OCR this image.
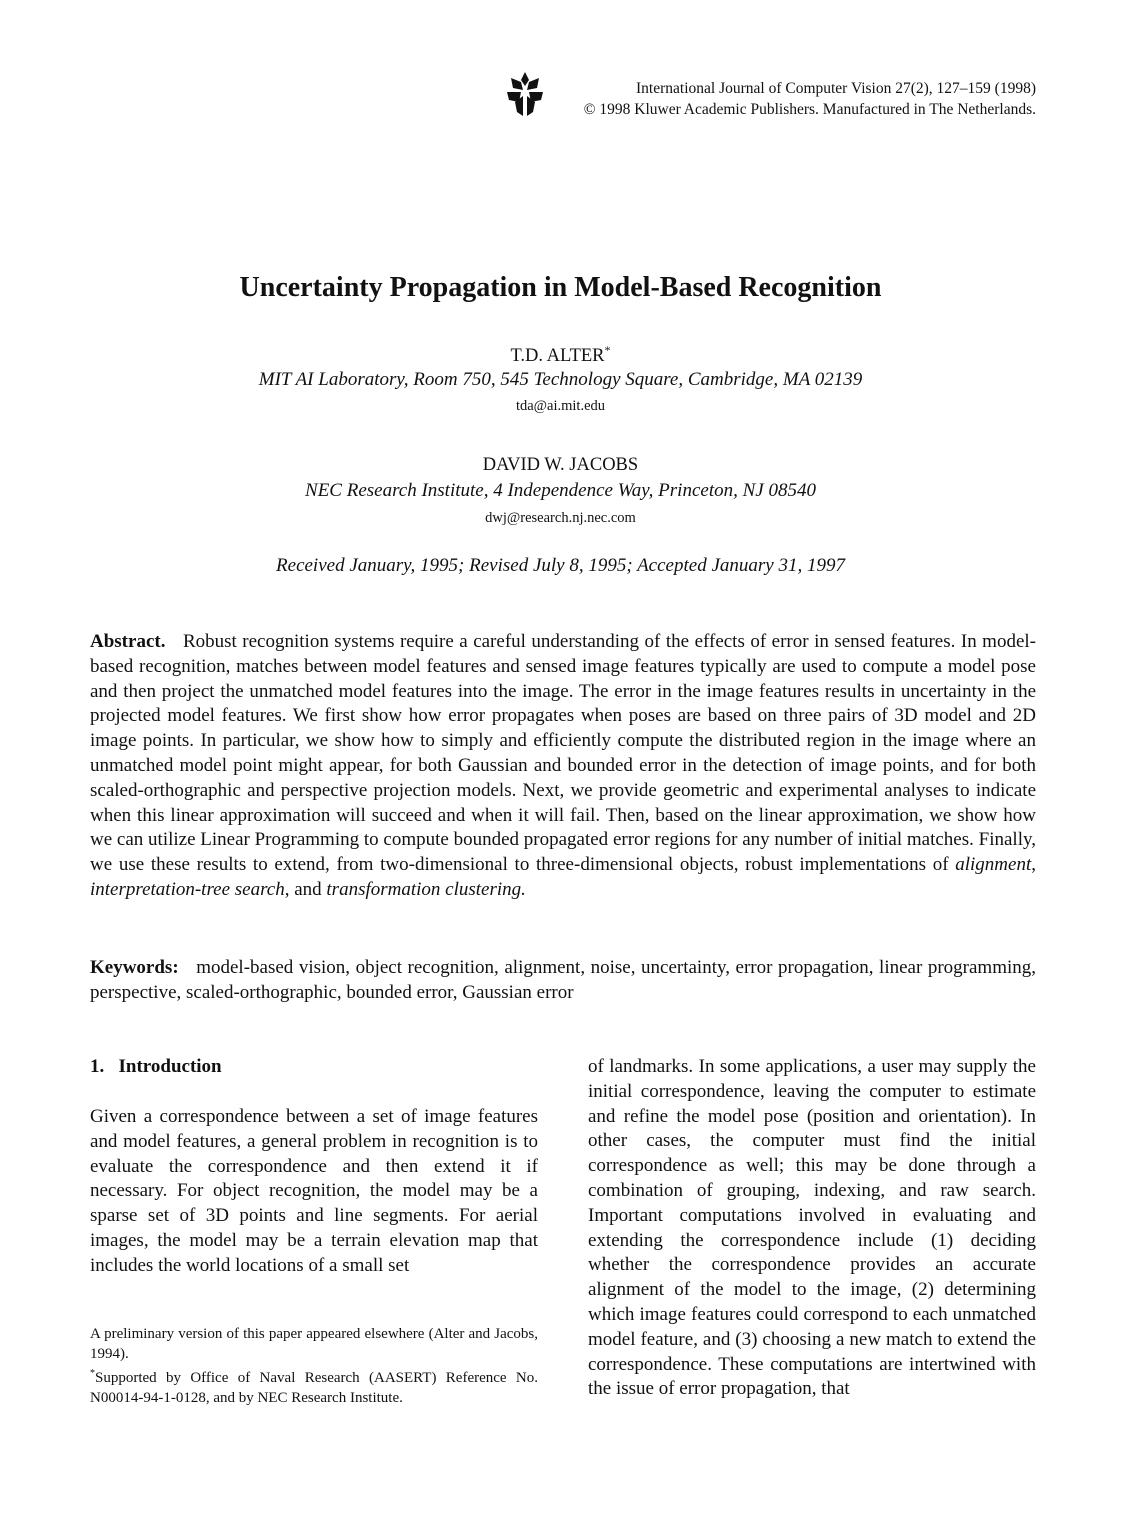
International Journal of Computer Vision 27(2), 127–159 (1998)
© 1998 Kluwer Academic Publishers. Manufactured in The Netherlands.
Uncertainty Propagation in Model-Based Recognition
T.D. ALTER*
MIT AI Laboratory, Room 750, 545 Technology Square, Cambridge, MA 02139
tda@ai.mit.edu
DAVID W. JACOBS
NEC Research Institute, 4 Independence Way, Princeton, NJ 08540
dwj@research.nj.nec.com
Received January, 1995; Revised July 8, 1995; Accepted January 31, 1997
Abstract. Robust recognition systems require a careful understanding of the effects of error in sensed features. In model-based recognition, matches between model features and sensed image features typically are used to compute a model pose and then project the unmatched model features into the image. The error in the image features results in uncertainty in the projected model features. We first show how error propagates when poses are based on three pairs of 3D model and 2D image points. In particular, we show how to simply and efficiently compute the distributed region in the image where an unmatched model point might appear, for both Gaussian and bounded error in the detection of image points, and for both scaled-orthographic and perspective projection models. Next, we provide geometric and experimental analyses to indicate when this linear approximation will succeed and when it will fail. Then, based on the linear approximation, we show how we can utilize Linear Programming to compute bounded propagated error regions for any number of initial matches. Finally, we use these results to extend, from two-dimensional to three-dimensional objects, robust implementations of alignment, interpretation-tree search, and transformation clustering.
Keywords: model-based vision, object recognition, alignment, noise, uncertainty, error propagation, linear programming, perspective, scaled-orthographic, bounded error, Gaussian error
1. Introduction
Given a correspondence between a set of image features and model features, a general problem in recognition is to evaluate the correspondence and then extend it if necessary. For object recognition, the model may be a sparse set of 3D points and line segments. For aerial images, the model may be a terrain elevation map that includes the world locations of a small set
of landmarks. In some applications, a user may supply the initial correspondence, leaving the computer to estimate and refine the model pose (position and orientation). In other cases, the computer must find the initial correspondence as well; this may be done through a combination of grouping, indexing, and raw search. Important computations involved in evaluating and extending the correspondence include (1) deciding whether the correspondence provides an accurate alignment of the model to the image, (2) determining which image features could correspond to each unmatched model feature, and (3) choosing a new match to extend the correspondence. These computations are intertwined with the issue of error propagation, that
A preliminary version of this paper appeared elsewhere (Alter and Jacobs, 1994).
*Supported by Office of Naval Research (AASERT) Reference No. N00014-94-1-0128, and by NEC Research Institute.
